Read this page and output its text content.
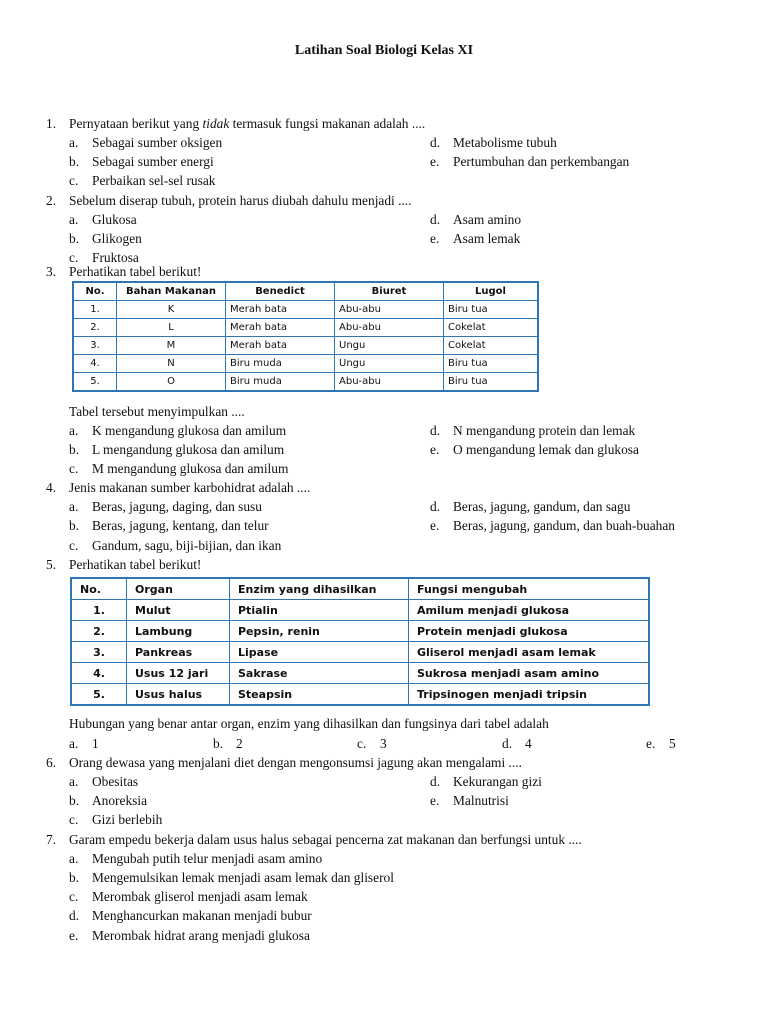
Latihan Soal Biologi Kelas XI
1. Pernyataan berikut yang tidak termasuk fungsi makanan adalah ....
a. Sebagai sumber oksigen
b. Sebagai sumber energi
c. Perbaikan sel-sel rusak
d. Metabolisme tubuh
e. Pertumbuhan dan perkembangan
2. Sebelum diserap tubuh, protein harus diubah dahulu menjadi ....
a. Glukosa
b. Glikogen
c. Fruktosa
d. Asam amino
e. Asam lemak
3. Perhatikan tabel berikut!
No.	Bahan Makanan	Benedict	Biuret	Lugol
1.	K	Merah bata	Abu-abu	Biru tua
2.	L	Merah bata	Abu-abu	Cokelat
3.	M	Merah bata	Ungu	Cokelat
4.	N	Biru muda	Ungu	Biru tua
5.	O	Biru muda	Abu-abu	Biru tua
Tabel tersebut menyimpulkan ....
a. K mengandung glukosa dan amilum
b. L mengandung glukosa dan amilum
c. M mengandung glukosa dan amilum
d. N mengandung protein dan lemak
e. O mengandung lemak dan glukosa
4. Jenis makanan sumber karbohidrat adalah ....
a. Beras, jagung, daging, dan susu
b. Beras, jagung, kentang, dan telur
c. Gandum, sagu, biji-bijian, dan ikan
d. Beras, jagung, gandum, dan sagu
e. Beras, jagung, gandum, dan buah-buahan
5. Perhatikan tabel berikut!
No.	Organ	Enzim yang dihasilkan	Fungsi mengubah
1.	Mulut	Ptialin	Amilum menjadi glukosa
2.	Lambung	Pepsin, renin	Protein menjadi glukosa
3.	Pankreas	Lipase	Gliserol menjadi asam lemak
4.	Usus 12 jari	Sakrase	Sukrosa menjadi asam amino
5.	Usus halus	Steapsin	Tripsinogen menjadi tripsin
Hubungan yang benar antar organ, enzim yang dihasilkan dan fungsinya dari tabel adalah
a. 1	b. 2	c. 3	d. 4	e. 5
6. Orang dewasa yang menjalani diet dengan mengonsumsi jagung akan mengalami ....
a. Obesitas
b. Anoreksia
c. Gizi berlebih
d. Kekurangan gizi
e. Malnutrisi
7. Garam empedu bekerja dalam usus halus sebagai pencerna zat makanan dan berfungsi untuk ....
a. Mengubah putih telur menjadi asam amino
b. Mengemulsikan lemak menjadi asam lemak dan gliserol
c. Merombak gliserol menjadi asam lemak
d. Menghancurkan makanan menjadi bubur
e. Merombak hidrat arang menjadi glukosa
